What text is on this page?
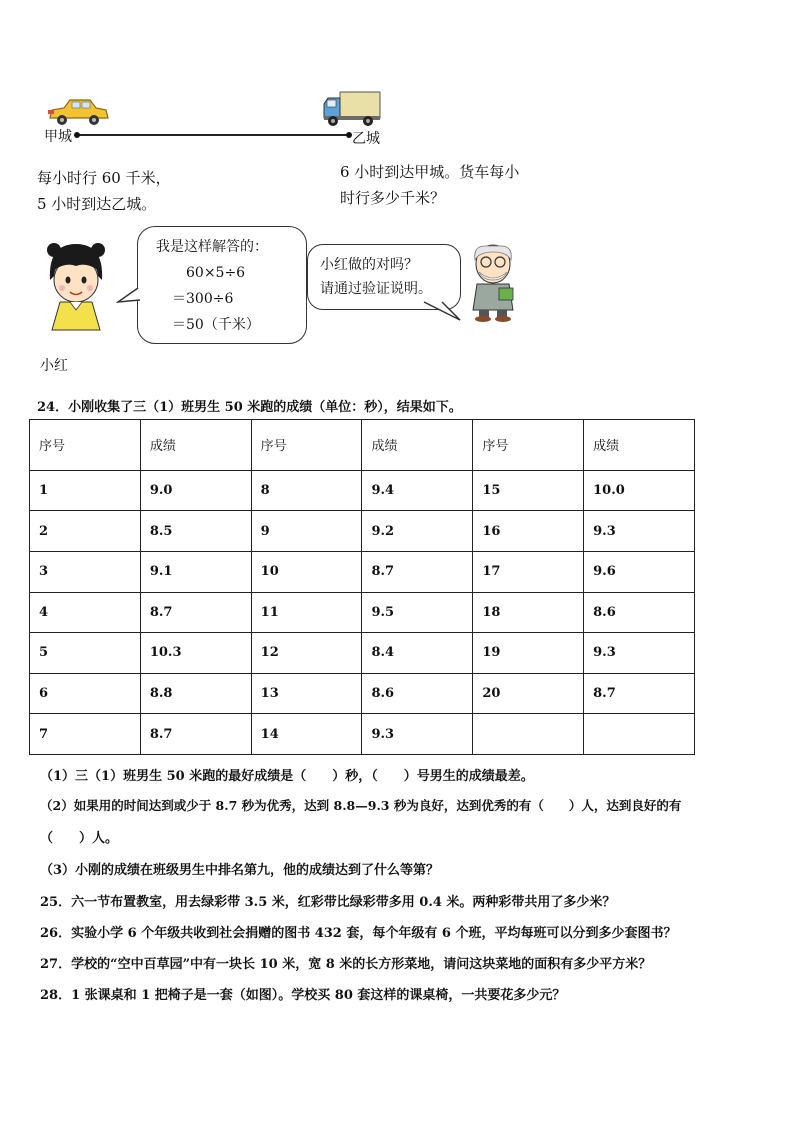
甲城	乙城
每小时行 60 千米，
5 小时到达乙城。
6 小时到达甲城。货车每小
时行多少千米？
我是这样解答的：
60×5÷6
＝300÷6
＝50（千米）
小红做的对吗？
请通过验证说明。
小红
24．小刚收集了三（1）班男生 50 米跑的成绩（单位：秒），结果如下。
序号	成绩	序号	成绩	序号	成绩
1	9.0	8	9.4	15	10.0
2	8.5	9	9.2	16	9.3
3	9.1	10	8.7	17	9.6
4	8.7	11	9.5	18	8.6
5	10.3	12	8.4	19	9.3
6	8.8	13	8.6	20	8.7
7	8.7	14	9.3		
（1）三（1）班男生 50 米跑的最好成绩是（　　）秒，（　　）号男生的成绩最差。
（2）如果用的时间达到或少于 8.7 秒为优秀，达到 8.8—9.3 秒为良好，达到优秀的有（　　）人，达到良好的有
（　　）人。
（3）小刚的成绩在班级男生中排名第九，他的成绩达到了什么等第？
25．六一节布置教室，用去绿彩带 3.5 米，红彩带比绿彩带多用 0.4 米。两种彩带共用了多少米？
26．实验小学 6 个年级共收到社会捐赠的图书 432 套，每个年级有 6 个班，平均每班可以分到多少套图书？
27．学校的“空中百草园”中有一块长 10 米，宽 8 米的长方形菜地，请问这块菜地的面积有多少平方米？
28．1 张课桌和 1 把椅子是一套（如图）。学校买 80 套这样的课桌椅，一共要花多少元？
